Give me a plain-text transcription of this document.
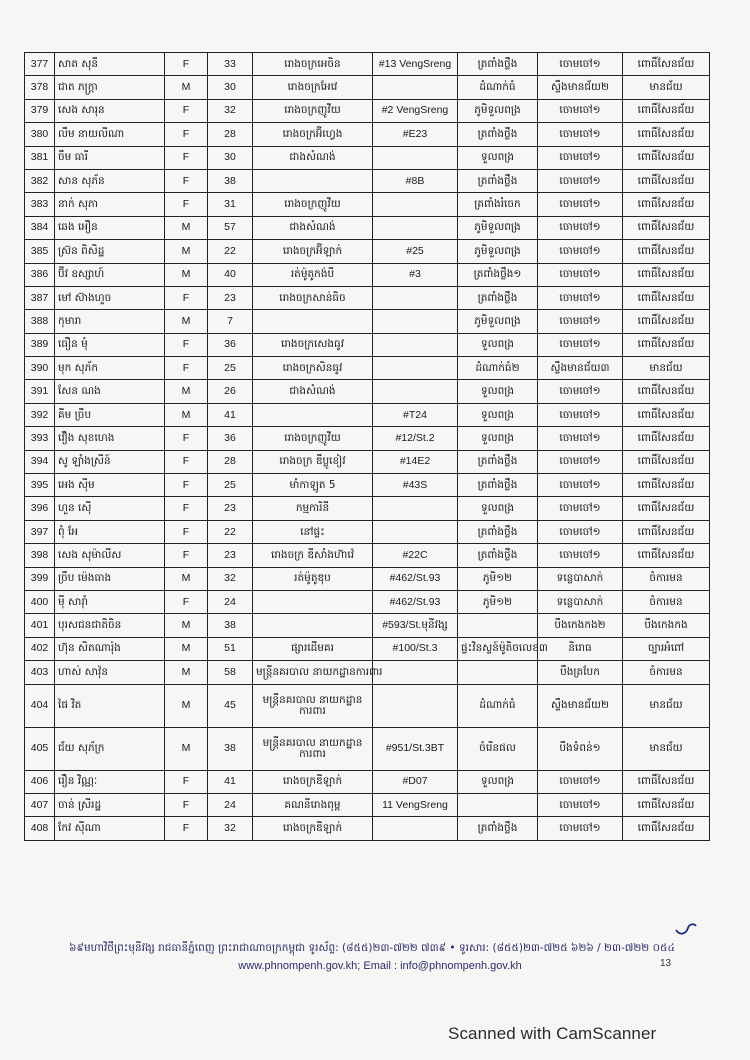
377	សាត សុនី	F	33	រោងចក្រអេចិន	#13 VengSreng	ត្រពាំងថ្លឹង	ចោមចៅ១	ពោធិ៍សែនជ័យ
378	ជាត ភក្ត្រា	M	30	រោងចក្រអែវេ		ដំណាក់ធំ	ស្ទឹងមានជ័យ២	មានជ័យ
379	សេង សារុន	F	32	រោងចក្រញូវីយ	#2 VengSreng	ភូមិទួលពង្រ	ចោមចៅ១	ពោធិ៍សែនជ័យ
380	លឹម នាយលីណា	F	28	រោងចក្រអ៊ីហ្វេង	#E23	ត្រពាំងថ្លឹង	ចោមចៅ១	ពោធិ៍សែនជ័យ
381	ចឹម ធារី	F	30	ជាងសំណង់		ទួលពង្រ	ចោមចៅ១	ពោធិ៍សែនជ័យ
382	សាន សុភ័ន	F	38		#8B	ត្រពាំងថ្លឹង	ចោមចៅ១	ពោធិ៍សែនជ័យ
383	នាក់ សុភា	F	31	រោងចក្រញូវីយ		ត្រពាំងរំចេក	ចោមចៅ១	ពោធិ៍សែនជ័យ
384	ឆេង អឿន	M	57	ជាងសំណង់		ភូមិទួលពង្រ	ចោមចៅ១	ពោធិ៍សែនជ័យ
385	ស្រ៊ន ពិសិដ្ឋ	M	22	រោងចក្រអ៊ីឡាក់	#25	ភូមិទួលពង្រ	ចោមចៅ១	ពោធិ៍សែនជ័យ
386	ប៊ីវ ឧស្សាហ៍	M	40	រត់ម៉ូតូកង់បី	#3	ត្រពាំងថ្លឹង១	ចោមចៅ១	ពោធិ៍សែនជ័យ
387	មៅ ស៊ាងហួច	F	23	រោងចក្រសាន់ធិច		ត្រពាំងថ្លឹង	ចោមចៅ១	ពោធិ៍សែនជ័យ
388	កុមារា	M	7			ភូមិទួលពង្រ	ចោមចៅ១	ពោធិ៍សែនជ័យ
389	ធឿន មុំ	F	36	រោងចក្រសេងធូវ		ទួលពង្រ	ចោមចៅ១	ពោធិ៍សែនជ័យ
390	មុក សុភ័ក	F	25	រោងចក្រសិនធូវ		ដំណាក់ធំ២	ស្ទឹងមានជ័យ៣	មានជ័យ
391	សែន ណង	M	26	ជាងសំណង់		ទួលពង្រ	ចោមចៅ១	ពោធិ៍សែនជ័យ
392	គីម ច្រឹប	M	41		#T24	ទួលពង្រ	ចោមចៅ១	ពោធិ៍សែនជ័យ
393	វឿង សុខហេង	F	36	រោងចក្រញូវីយ	#12/St.2	ទួលពង្រ	ចោមចៅ១	ពោធិ៍សែនជ័យ
394	សូ ឡាំងស្រីន៍	F	28	រោងចក្រ ឌឹប្លូខៀវ	#14E2	ត្រពាំងថ្លឹង	ចោមចៅ១	ពោធិ៍សែនជ័យ
395	អេង ស៊ីម	F	25	មាំកាឡូត 5	#43S	ត្រពាំងថ្លឹង	ចោមចៅ១	ពោធិ៍សែនជ័យ
396	ហួន ស៊ើ	F	23	កម្មការិនី		ទួលពង្រ	ចោមចៅ១	ពោធិ៍សែនជ័យ
397	ពុំ អែ	F	22	នៅផ្ទះ		ត្រពាំងថ្លឹង	ចោមចៅ១	ពោធិ៍សែនជ័យ
398	សេង សុម៉ាលីស	F	23	រោងចក្រ ឌីសាំងហ៊ាវ៉េ	#22C	ត្រពាំងថ្លឹង	ចោមចៅ១	ពោធិ៍សែនជ័យ
399	ច្រឹប ម៉េងធាង	M	32	រត់ម៉ូតូឌុប	#462/St.93	ភូមិ១២	ទន្លេបាសាក់	ចំការមន
400	ម៉ី សារ៉ាំ	F	24		#462/St.93	ភូមិ១២	ទន្លេបាសាក់	ចំការមន
401	បុរសជនជាតិចិន	M	38		#593/St.មុនីវង្ស		បឹងកេងកង២	បឹងកេងកង
402	ហ៊ុន សិតណារ៉ុង	M	51	ផ្សារដើមគរ	#100/St.3	ផ្ទះវិនស្ទន៍ម៉ូតិចលេខ៣	និរោធ	ច្បារអំពៅ
403	ហាស់ សាវ៉ុន	M	58	មន្ត្រីនគរបាល នាយកដ្ឋានការពារ			បឹងត្របែក	ចំការមន
404	ផៃ វិត	M	45	មន្ត្រីនគរបាល នាយកដ្ឋានការពារ		ដំណាក់ធំ	ស្ទឹងមានជ័យ២	មានជ័យ
405	ជ័យ សុភ័ក្រ	M	38	មន្ត្រីនគរបាល នាយកដ្ឋានការពារ	#951/St.3BT	ចំរើនផល	បឹងទំពន់១	មានជ័យ
406	រឿន វិណ្ណៈ	F	41	រោងចក្រឌីឡាក់	#D07	ទួលពង្រ	ចោមចៅ១	ពោធិ៍សែនជ័យ
407	ចាន់ ស្រីរដ្ឋ	F	24	គណនីរោងពុម្ព	11 VengSreng		ចោមចៅ១	ពោធិ៍សែនជ័យ
408	កែវ ស៊ីណា	F	32	រោងចក្រឌីឡាក់		ត្រពាំងថ្លឹង	ចោមចៅ១	ពោធិ៍សែនជ័យ
៦៩មហាវិថីព្រះមុនីវង្ស រាជធានីភ្នំពេញ ព្រះរាជាណាចក្រកម្ពុជា ទូរស័ព្ទ: (៨៥៥)២៣-៧២២ ៧៣៩ • ទូរសារ: (៨៥៥)២៣-៧២៥ ៦២៦ / ២៣-៧២២ ០៥៤
www.phnompenh.gov.kh; Email : info@phnompenh.gov.kh	13
Scanned with CamScanner
